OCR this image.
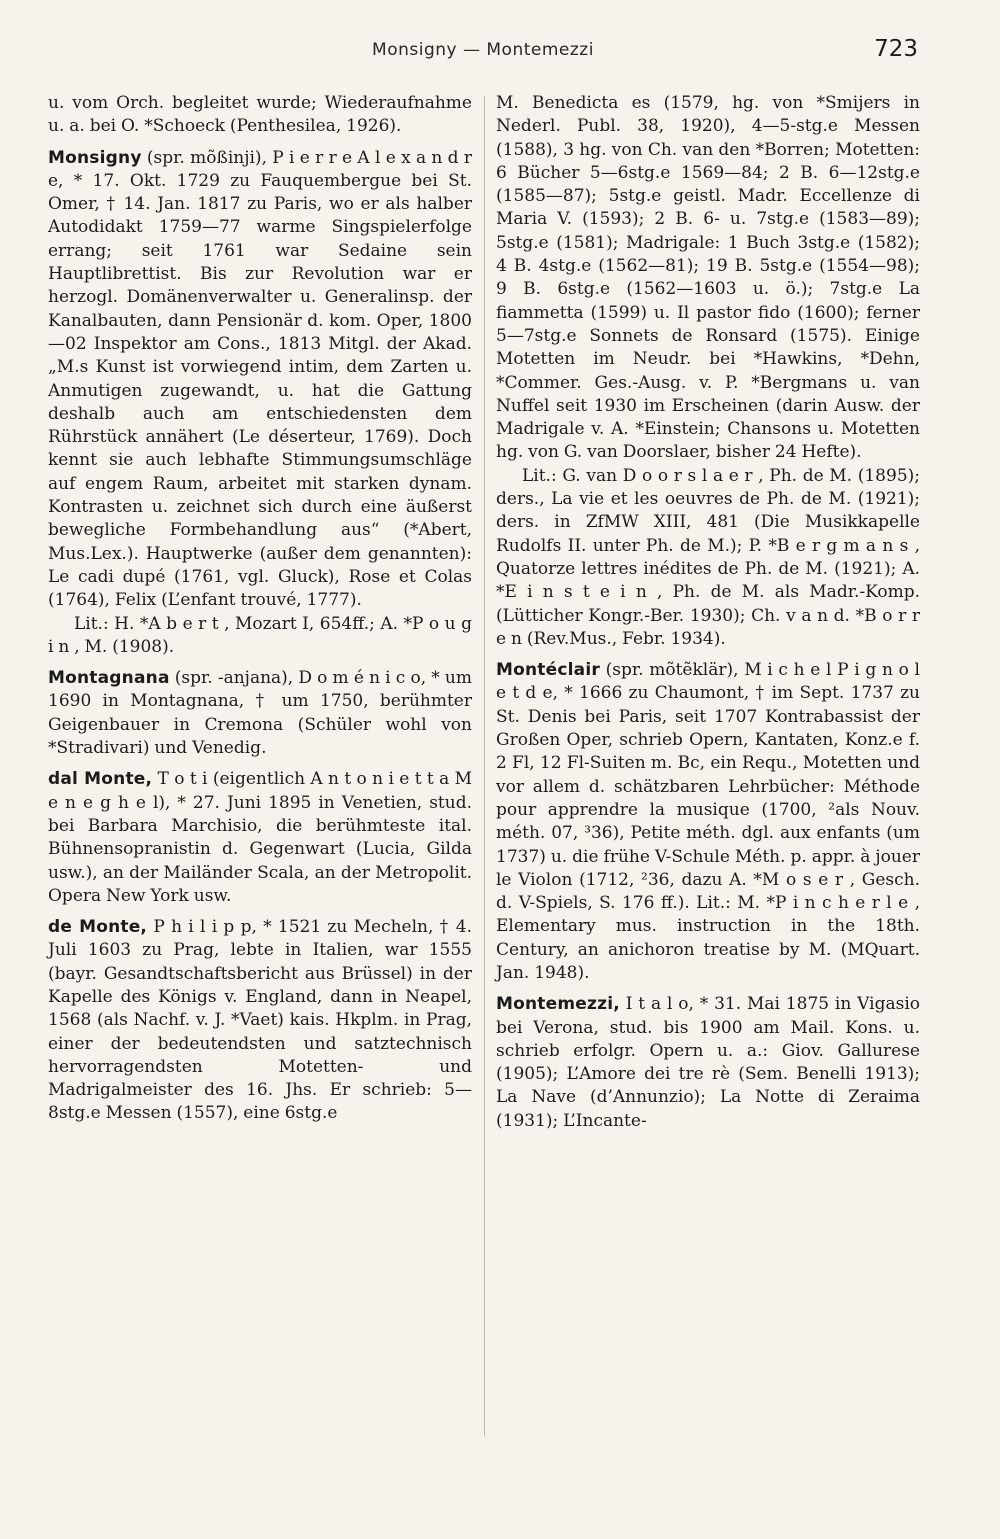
Monsigny — Montemezzi	723

u. vom Orch. begleitet wurde; Wiederaufnahme u. a. bei O. *Schoeck (Penthesilea, 1926).

Monsigny (spr. mõßinji), P i e r r e A l e x a n d r e, * 17. Okt. 1729 zu Fauquembergue bei St. Omer, † 14. Jan. 1817 zu Paris, wo er als halber Autodidakt 1759—77 warme Singspielerfolge errang; seit 1761 war Sedaine sein Hauptlibrettist. Bis zur Revolution war er herzogl. Domänenverwalter u. Generalinsp. der Kanalbauten, dann Pensionär d. kom. Oper, 1800—02 Inspektor am Cons., 1813 Mitgl. der Akad. „M.s Kunst ist vorwiegend intim, dem Zarten u. Anmutigen zugewandt, u. hat die Gattung deshalb auch am entschiedensten dem Rührstück annähert (Le déserteur, 1769). Doch kennt sie auch lebhafte Stimmungsumschläge auf engem Raum, arbeitet mit starken dynam. Kontrasten u. zeichnet sich durch eine äußerst bewegliche Formbehandlung aus“ (*Abert, Mus.Lex.). Hauptwerke (außer dem genannten): Le cadi dupé (1761, vgl. Gluck), Rose et Colas (1764), Felix (L’enfant trouvé, 1777).

Lit.: H. *A b e r t , Mozart I, 654ff.; A. *P o u g i n , M. (1908).

Montagnana (spr. -anjana), D o m é n i c o, * um 1690 in Montagnana, † um 1750, berühmter Geigenbauer in Cremona (Schüler wohl von *Stradivari) und Venedig.

dal Monte, T o t i (eigentlich A n t o n i e t t a M e n e g h e l), * 27. Juni 1895 in Venetien, stud. bei Barbara Marchisio, die berühmteste ital. Bühnensopranistin d. Gegenwart (Lucia, Gilda usw.), an der Mailänder Scala, an der Metropolit. Opera New York usw.

de Monte, P h i l i p p, * 1521 zu Mecheln, † 4. Juli 1603 zu Prag, lebte in Italien, war 1555 (bayr. Gesandtschaftsbericht aus Brüssel) in der Kapelle des Königs v. England, dann in Neapel, 1568 (als Nachf. v. J. *Vaet) kais. Hkplm. in Prag, einer der bedeutendsten und satztechnisch hervorragendsten Motetten- und Madrigalmeister des 16. Jhs. Er schrieb: 5—8stg.e Messen (1557), eine 6stg.e

M. Benedicta es (1579, hg. von *Smijers in Nederl. Publ. 38, 1920), 4—5-stg.e Messen (1588), 3 hg. von Ch. van den *Borren; Motetten: 6 Bücher 5—6stg.e 1569—84; 2 B. 6—12stg.e (1585—87); 5stg.e geistl. Madr. Eccellenze di Maria V. (1593); 2 B. 6- u. 7stg.e (1583—89); 5stg.e (1581); Madrigale: 1 Buch 3stg.e (1582); 4 B. 4stg.e (1562—81); 19 B. 5stg.e (1554—98); 9 B. 6stg.e (1562—1603 u. ö.); 7stg.e La fiammetta (1599) u. Il pastor fido (1600); ferner 5—7stg.e Sonnets de Ronsard (1575). Einige Motetten im Neudr. bei *Hawkins, *Dehn, *Commer. Ges.-Ausg. v. P. *Bergmans u. van Nuffel seit 1930 im Erscheinen (darin Ausw. der Madrigale v. A. *Einstein; Chansons u. Motetten hg. von G. van Doorslaer, bisher 24 Hefte).

Lit.: G. van D o o r s l a e r , Ph. de M. (1895); ders., La vie et les oeuvres de Ph. de M. (1921); ders. in ZfMW XIII, 481 (Die Musikkapelle Rudolfs II. unter Ph. de M.); P. *B e r g m a n s , Quatorze lettres inédites de Ph. de M. (1921); A. *E i n s t e i n , Ph. de M. als Madr.-Komp. (Lütticher Kongr.-Ber. 1930); Ch. v a n d. *B o r r e n (Rev.Mus., Febr. 1934).

Montéclair (spr. mõtẽklär), M i c h e l P i g n o l e t d e, * 1666 zu Chaumont, † im Sept. 1737 zu St. Denis bei Paris, seit 1707 Kontrabassist der Großen Oper, schrieb Opern, Kantaten, Konz.e f. 2 Fl, 12 Fl-Suiten m. Bc, ein Requ., Motetten und vor allem d. schätzbaren Lehrbücher: Méthode pour apprendre la musique (1700, ²als Nouv. méth. 07, ³36), Petite méth. dgl. aux enfants (um 1737) u. die frühe V-Schule Méth. p. appr. à jouer le Violon (1712, ²36, dazu A. *M o s e r , Gesch. d. V-Spiels, S. 176 ff.). Lit.: M. *P i n c h e r l e , Elementary mus. instruction in the 18th. Century, an anichoron treatise by M. (MQuart. Jan. 1948).

Montemezzi, I t a l o, * 31. Mai 1875 in Vigasio bei Verona, stud. bis 1900 am Mail. Kons. u. schrieb erfolgr. Opern u. a.: Giov. Gallurese (1905); L’Amore dei tre rè (Sem. Benelli 1913); La Nave (d’Annunzio); La Notte di Zeraima (1931); L’Incante-
